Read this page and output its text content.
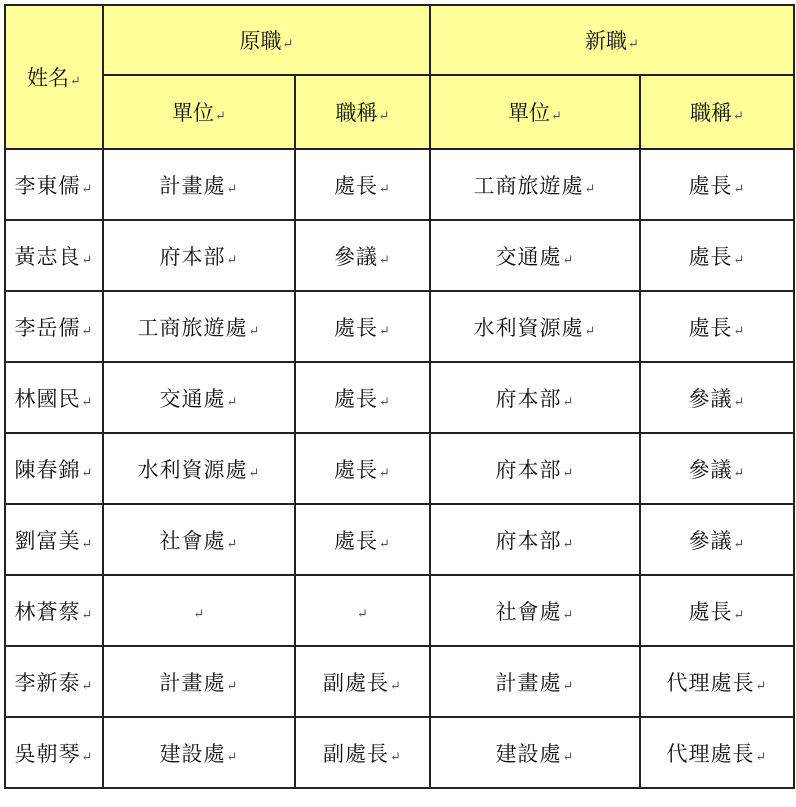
姓名↵	原職↵		新職↵	
	單位↵	職稱↵	單位↵	職稱↵
李東儒↵	計畫處↵	處長↵	工商旅遊處↵	處長↵
黃志良↵	府本部↵	參議↵	交通處↵	處長↵
李岳儒↵	工商旅遊處↵	處長↵	水利資源處↵	處長↵
林國民↵	交通處↵	處長↵	府本部↵	參議↵
陳春錦↵	水利資源處↵	處長↵	府本部↵	參議↵
劉富美↵	社會處↵	處長↵	府本部↵	參議↵
林蒼蔡↵	↵	↵	社會處↵	處長↵
李新泰↵	計畫處↵	副處長↵	計畫處↵	代理處長↵
吳朝琴↵	建設處↵	副處長↵	建設處↵	代理處長↵
